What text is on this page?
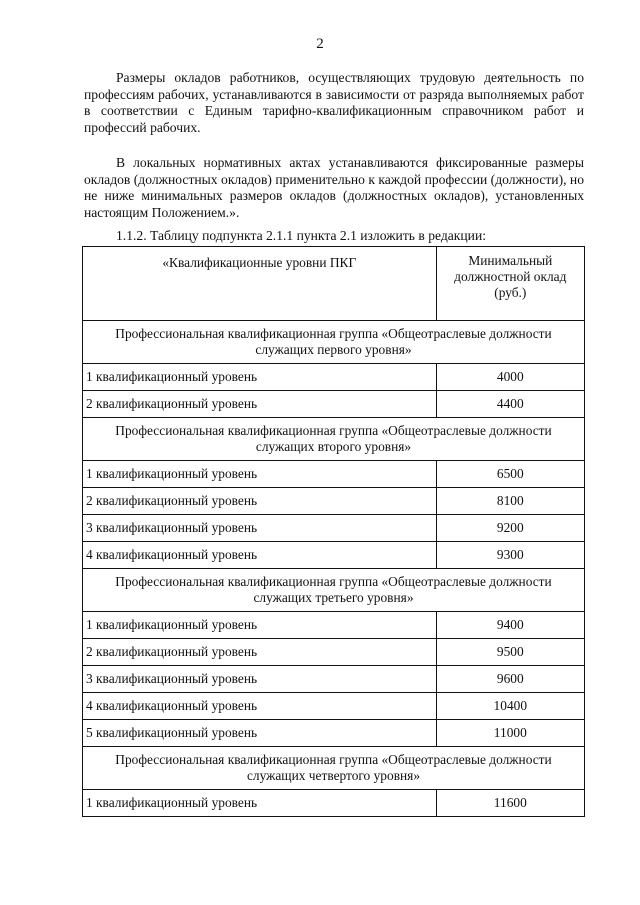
2

Размеры окладов работников, осуществляющих трудовую деятельность по профессиям рабочих, устанавливаются в зависимости от разряда выполняемых работ в соответствии с Единым тарифно-квалификационным справочником работ и профессий рабочих.

В локальных нормативных актах устанавливаются фиксированные размеры окладов (должностных окладов) применительно к каждой профессии (должности), но не ниже минимальных размеров окладов (должностных окладов), установленных настоящим Положением.».

1.1.2. Таблицу подпункта 2.1.1 пункта 2.1 изложить в редакции:
«Квалификационные уровни ПКГ	Минимальный должностной оклад (руб.)
Профессиональная квалификационная группа «Общеотраслевые должности служащих первого уровня»	
1 квалификационный уровень	4000
2 квалификационный уровень	4400
Профессиональная квалификационная группа «Общеотраслевые должности служащих второго уровня»	
1 квалификационный уровень	6500
2 квалификационный уровень	8100
3 квалификационный уровень	9200
4 квалификационный уровень	9300
Профессиональная квалификационная группа «Общеотраслевые должности служащих третьего уровня»	
1 квалификационный уровень	9400
2 квалификационный уровень	9500
3 квалификационный уровень	9600
4 квалификационный уровень	10400
5 квалификационный уровень	11000
Профессиональная квалификационная группа «Общеотраслевые должности служащих четвертого уровня»	
1 квалификационный уровень	11600
